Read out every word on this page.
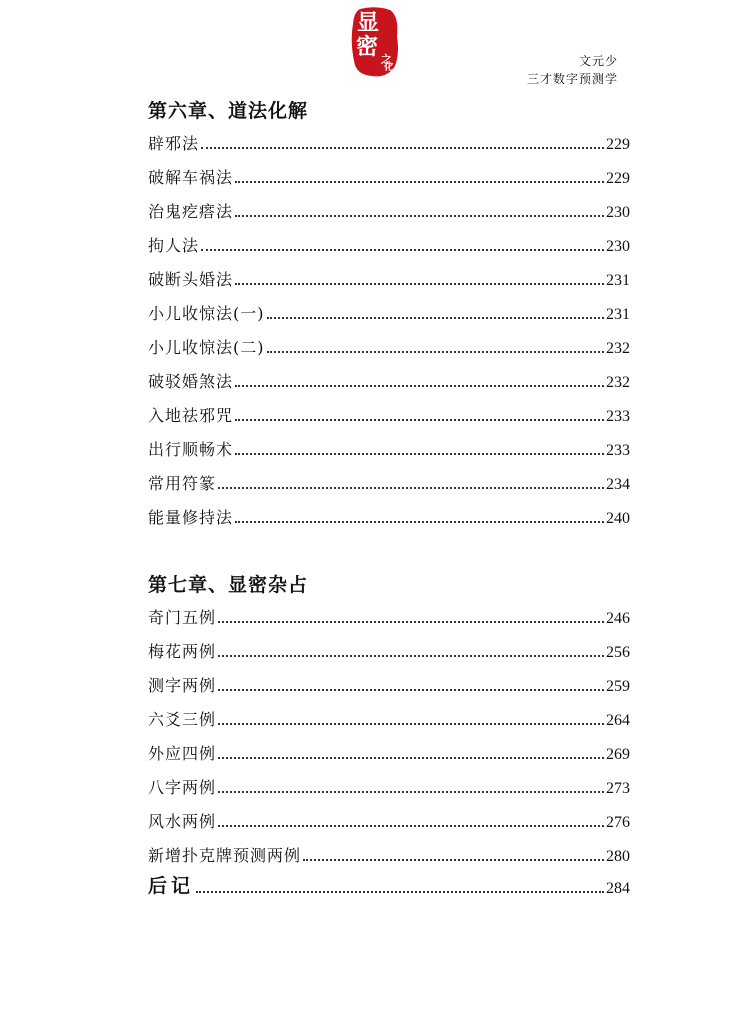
显
密 之
化	文元少
三才数字预测学
第六章、道法化解
辟邪法	229
破解车祸法	229
治鬼疙瘩法	230
拘人法	230
破断头婚法	231
小儿收惊法(一)	231
小儿收惊法(二)	232
破驳婚煞法	232
入地祛邪咒	233
出行顺畅术	233
常用符篆	234
能量修持法	240
第七章、显密杂占
奇门五例	246
梅花两例	256
测字两例	259
六爻三例	264
外应四例	269
八字两例	273
风水两例	276
新增扑克牌预测两例	280
后记	284
